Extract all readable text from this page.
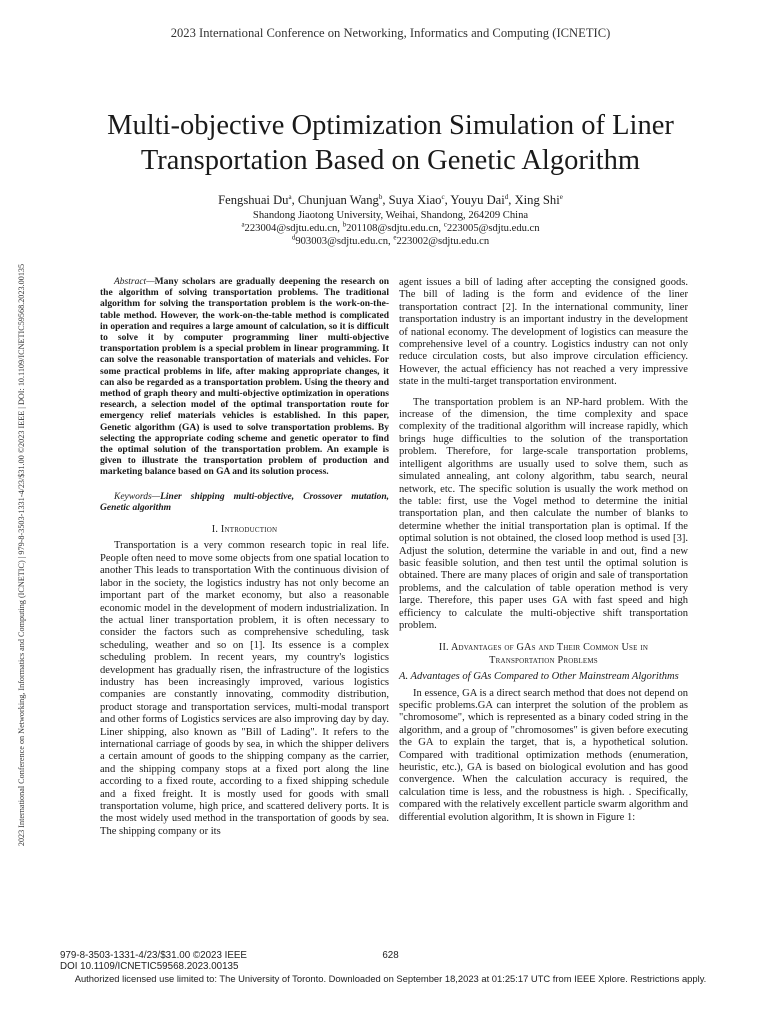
2023 International Conference on Networking, Informatics and Computing (ICNETIC)
2023 International Conference on Networking, Informatics and Computing (ICNETIC) | 979-8-3503-1331-4/23/$31.00 ©2023 IEEE | DOI: 10.1109/ICNETIC59568.2023.00135
Multi-objective Optimization Simulation of Liner
Transportation Based on Genetic Algorithm
Fengshuai Du$^a$, Chunjuan Wang$^b$, Suya Xiao$^c$, Youyu Dai$^d$, Xing Shi$^e$
Shandong Jiaotong University, Weihai, Shandong, 264209 China
$^a$223004@sdjtu.edu.cn, $^b$201108@sdjtu.edu.cn, $^c$223005@sdjtu.edu.cn
$^d$903003@sdjtu.edu.cn, $^e$223002@sdjtu.edu.cn

Abstract—Many scholars are gradually deepening the research on the algorithm of solving transportation problems. The traditional algorithm for solving the transportation problem is the work-on-the-table method. However, the work-on-the-table method is complicated in operation and requires a large amount of calculation, so it is difficult to solve it by computer programming liner multi-objective transportation problem is a special problem in linear programming. It can solve the reasonable transportation of materials and vehicles. For some practical problems in life, after making appropriate changes, it can also be regarded as a transportation problem. Using the theory and method of graph theory and multi-objective optimization in operations research, a selection model of the optimal transportation route for emergency relief materials vehicles is established. In this paper, Genetic algorithm (GA) is used to solve transportation problems. By selecting the appropriate coding scheme and genetic operator to find the optimal solution of the transportation problem. An example is given to illustrate the transportation problem of production and marketing balance based on GA and its solution process.

Keywords—Liner shipping multi-objective, Crossover mutation, Genetic algorithm

I. Introduction

Transportation is a very common research topic in real life. People often need to move some objects from one spatial location to another This leads to transportation With the continuous division of labor in the society, the logistics industry has not only become an important part of the market economy, but also a reasonable economic model in the development of modern industrialization. In the actual liner transportation problem, it is often necessary to consider the factors such as comprehensive scheduling, task scheduling, weather and so on [1]. Its essence is a complex scheduling problem. In recent years, my country's logistics development has gradually risen, the infrastructure of the logistics industry has been increasingly improved, various logistics companies are constantly innovating, commodity distribution, product storage and transportation services, multi-modal transport and other forms of Logistics services are also improving day by day. Liner shipping, also known as "Bill of Lading". It refers to the international carriage of goods by sea, in which the shipper delivers a certain amount of goods to the shipping company as the carrier, and the shipping company stops at a fixed port along the line according to a fixed route, according to a fixed shipping schedule and a fixed freight. It is mostly used for goods with small transportation volume, high price, and scattered delivery ports. It is the most widely used method in the transportation of goods by sea. The shipping company or its

agent issues a bill of lading after accepting the consigned goods. The bill of lading is the form and evidence of the liner transportation contract [2]. In the international community, liner transportation industry is an important industry in the development of national economy. The development of logistics can measure the comprehensive level of a country. Logistics industry can not only reduce circulation costs, but also improve circulation efficiency. However, the actual efficiency has not reached a very impressive state in the multi-target transportation environment.

The transportation problem is an NP-hard problem. With the increase of the dimension, the time complexity and space complexity of the traditional algorithm will increase rapidly, which brings huge difficulties to the solution of the transportation problem. Therefore, for large-scale transportation problems, intelligent algorithms are usually used to solve them, such as simulated annealing, ant colony algorithm, tabu search, neural network, etc. The specific solution is usually the work method on the table: first, use the Vogel method to determine the initial transportation plan, and then calculate the number of blanks to determine whether the initial transportation plan is optimal. If the optimal solution is not obtained, the closed loop method is used [3]. Adjust the solution, determine the variable in and out, find a new basic feasible solution, and then test until the optimal solution is obtained. There are many places of origin and sale of transportation problems, and the calculation of table operation method is very large. Therefore, this paper uses GA with fast speed and high efficiency to calculate the multi-objective shift transportation problem.

II. Advantages of GAs and Their Common Use in
Transportation Problems

A. Advantages of GAs Compared to Other Mainstream Algorithms

In essence, GA is a direct search method that does not depend on specific problems.GA can interpret the solution of the problem as "chromosome", which is represented as a binary coded string in the algorithm, and a group of "chromosomes" is given before executing the GA to explain the target, that is, a hypothetical solution. Compared with traditional optimization methods (enumeration, heuristic, etc.), GA is based on biological evolution and has good convergence. When the calculation accuracy is required, the calculation time is less, and the robustness is high. . Specifically, compared with the relatively excellent particle swarm algorithm and differential evolution algorithm, It is shown in Figure 1:

979-8-3503-1331-4/23/$31.00 ©2023 IEEE
DOI 10.1109/ICNETIC59568.2023.00135
628
Authorized licensed use limited to: The University of Toronto. Downloaded on September 18,2023 at 01:25:17 UTC from IEEE Xplore. Restrictions apply.
